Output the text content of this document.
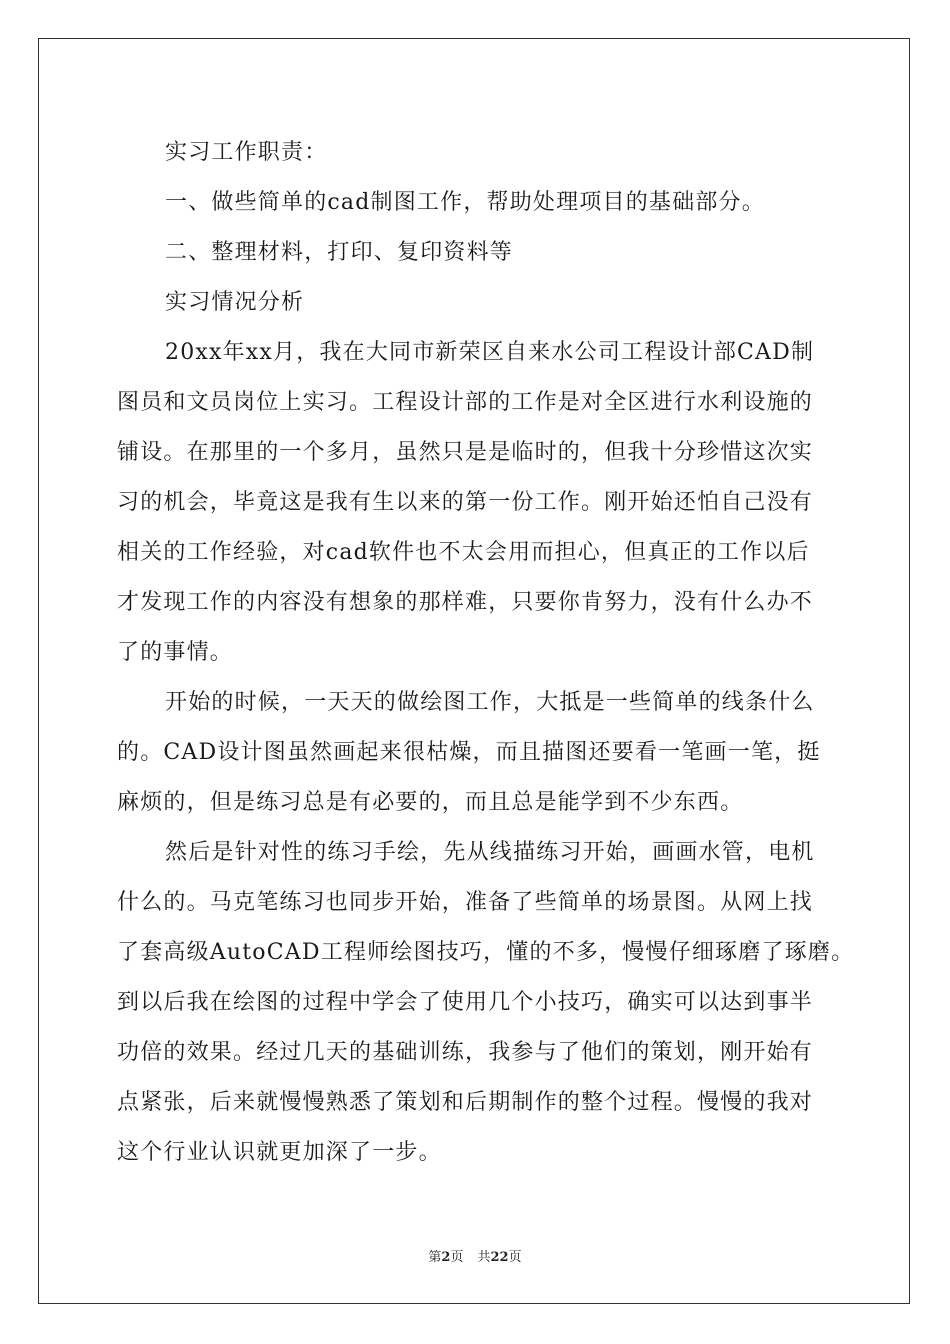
实习工作职责：
一、做些简单的cad制图工作，帮助处理项目的基础部分。
二、整理材料，打印、复印资料等
实习情况分析
20xx年xx月，我在大同市新荣区自来水公司工程设计部CAD制
图员和文员岗位上实习。工程设计部的工作是对全区进行水利设施的
铺设。在那里的一个多月，虽然只是是临时的，但我十分珍惜这次实
习的机会，毕竟这是我有生以来的第一份工作。刚开始还怕自己没有
相关的工作经验，对cad软件也不太会用而担心，但真正的工作以后
才发现工作的内容没有想象的那样难，只要你肯努力，没有什么办不
了的事情。
开始的时候，一天天的做绘图工作，大抵是一些简单的线条什么
的。CAD设计图虽然画起来很枯燥，而且描图还要看一笔画一笔，挺
麻烦的，但是练习总是有必要的，而且总是能学到不少东西。
然后是针对性的练习手绘，先从线描练习开始，画画水管，电机
什么的。马克笔练习也同步开始，准备了些简单的场景图。从网上找
了套高级AutoCAD工程师绘图技巧，懂的不多，慢慢仔细琢磨了琢磨。
到以后我在绘图的过程中学会了使用几个小技巧，确实可以达到事半
功倍的效果。经过几天的基础训练，我参与了他们的策划，刚开始有
点紧张，后来就慢慢熟悉了策划和后期制作的整个过程。慢慢的我对
这个行业认识就更加深了一步。
第2页 共22页
